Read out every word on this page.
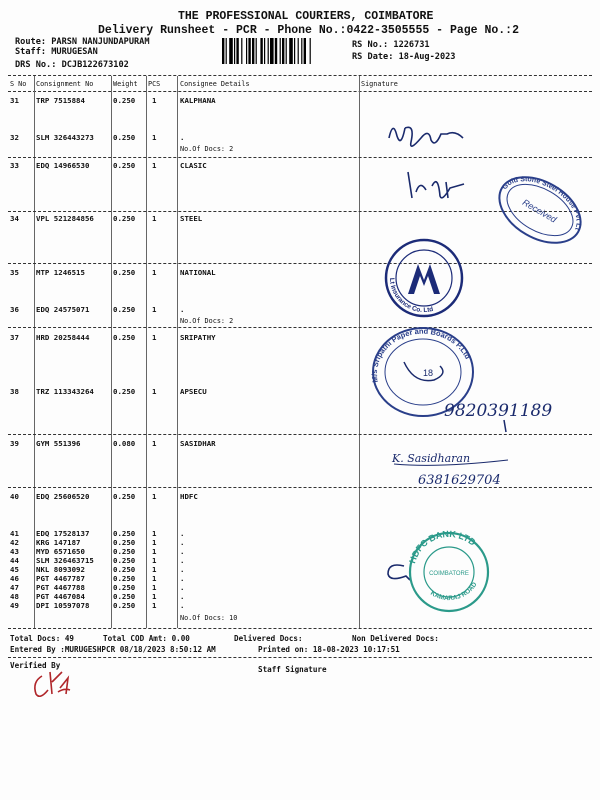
THE PROFESSIONAL COURIERS, COIMBATORE
Delivery Runsheet - PCR - Phone No.:0422-3505555 - Page No.:2
Route: PARSN NANJUNDAPURAM
Staff: MURUGESAN
DRS No.: DCJB122673102
RS No.: 1226731
RS Date: 18-Aug-2023
S No Consignment No	Weight PCS	Consignee Details	Signature
31 TRP 7515884	0.250 1	KALPHANA
32 SLM 326443273	0.250 1	.
No.Of Docs: 2
33 EDQ 14966530	0.250 1	CLASIC
34 VPL 521284856	0.250 1	STEEL
35 MTP 1246515	0.250 1	NATIONAL
36 EDQ 24575071	0.250 1	.
No.Of Docs: 2
37 HRD 20258444	0.250 1	SRIPATHY
38 TRZ 113343264	0.250 1	APSECU
39 GYM 551396	0.080 1	SASIDHAR
40 EDQ 25606520	0.250 1	HDFC
41 EDQ 17528137	0.250 1	.
42 KRG 147187	0.250 1	.
43 MYD 6571650	0.250 1	.
44 SLM 326463715	0.250 1	.
45 NKL 8093092	0.250 1	.
46 PGT 4467787	0.250 1	.
47 PGT 4467788	0.250 1	.
48 PGT 4467084	0.250 1	.
49 DPI 10597078	0.250 1	.
No.Of Docs: 10
Total Docs: 49	Total COD Amt: 0.00	Delivered Docs:	Non Delivered Docs:
Entered By :MURUGESHPCR 08/18/2023 8:50:12 AM	Printed on: 18-08-2023 10:17:51
Verified By	Staff Signature
Gold Stone Steel House Pvt Ltd
Received
Lt Insurance Co. Ltd
M/s Sripathi Paper and Boards P.Ltd
18
9820391189
K. Sasidharan
6381629704
HDFC BANK LTD
KAMARAJ ROAD
COIMBATORE
